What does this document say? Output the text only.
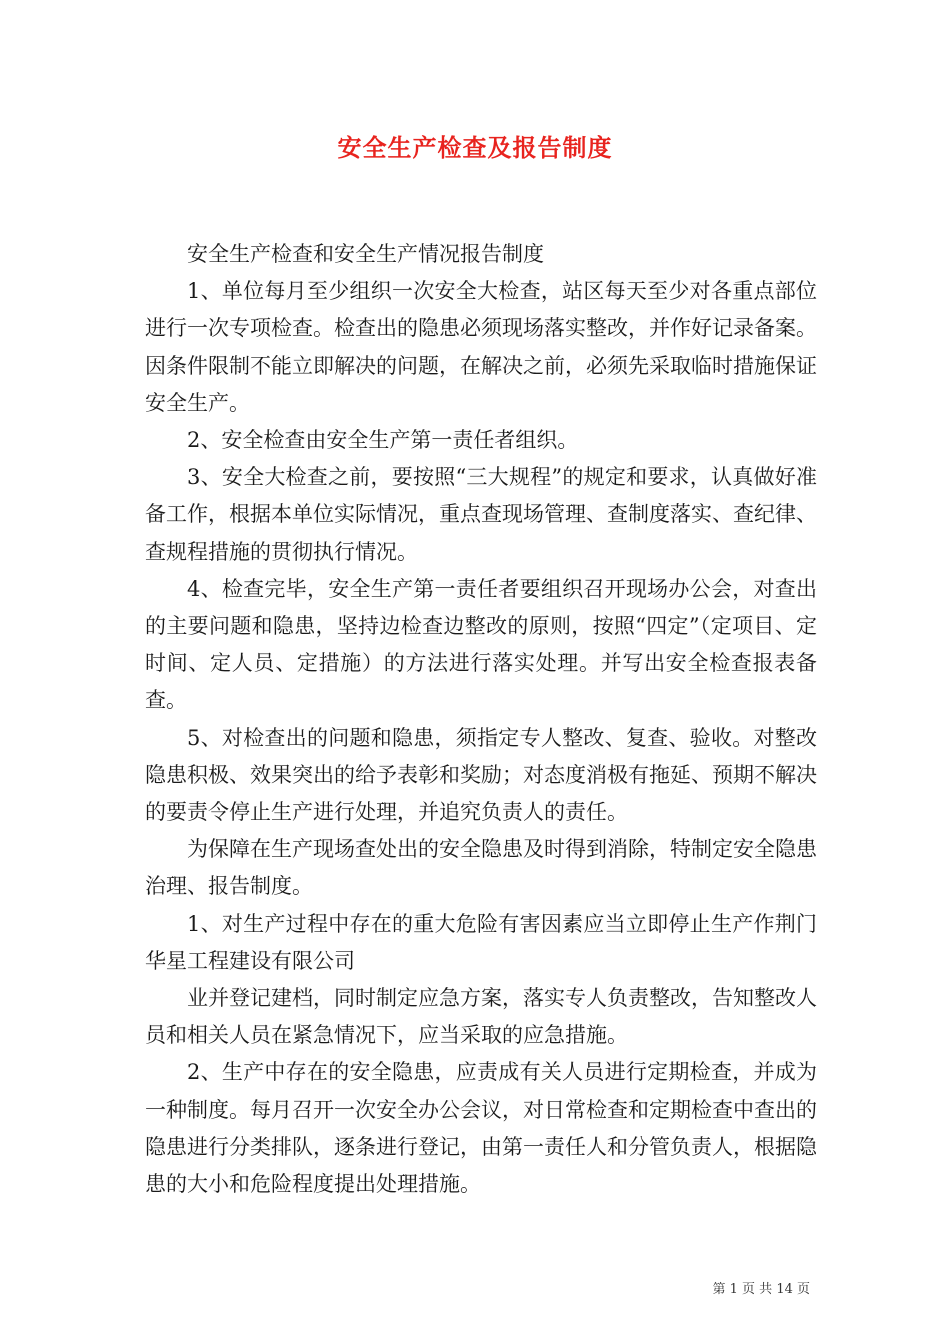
安全生产检查及报告制度

安全生产检查和安全生产情况报告制度

1、单位每月至少组织一次安全大检查，站区每天至少对各重点部位进行一次专项检查。检查出的隐患必须现场落实整改，并作好记录备案。因条件限制不能立即解决的问题，在解决之前，必须先采取临时措施保证安全生产。

2、安全检查由安全生产第一责任者组织。

3、安全大检查之前，要按照“三大规程”的规定和要求，认真做好准备工作，根据本单位实际情况，重点查现场管理、查制度落实、查纪律、查规程措施的贯彻执行情况。

4、检查完毕，安全生产第一责任者要组织召开现场办公会，对查出的主要问题和隐患，坚持边检查边整改的原则，按照“四定”（定项目、定时间、定人员、定措施）的方法进行落实处理。并写出安全检查报表备查。

5、对检查出的问题和隐患，须指定专人整改、复查、验收。对整改隐患积极、效果突出的给予表彰和奖励；对态度消极有拖延、预期不解决的要责令停止生产进行处理，并追究负责人的责任。

为保障在生产现场查处出的安全隐患及时得到消除，特制定安全隐患治理、报告制度。

1、对生产过程中存在的重大危险有害因素应当立即停止生产作荆门华星工程建设有限公司

业并登记建档，同时制定应急方案，落实专人负责整改，告知整改人员和相关人员在紧急情况下，应当采取的应急措施。

2、生产中存在的安全隐患，应责成有关人员进行定期检查，并成为一种制度。每月召开一次安全办公会议，对日常检查和定期检查中查出的隐患进行分类排队，逐条进行登记，由第一责任人和分管负责人，根据隐患的大小和危险程度提出处理措施。

第 1 页 共 14 页
